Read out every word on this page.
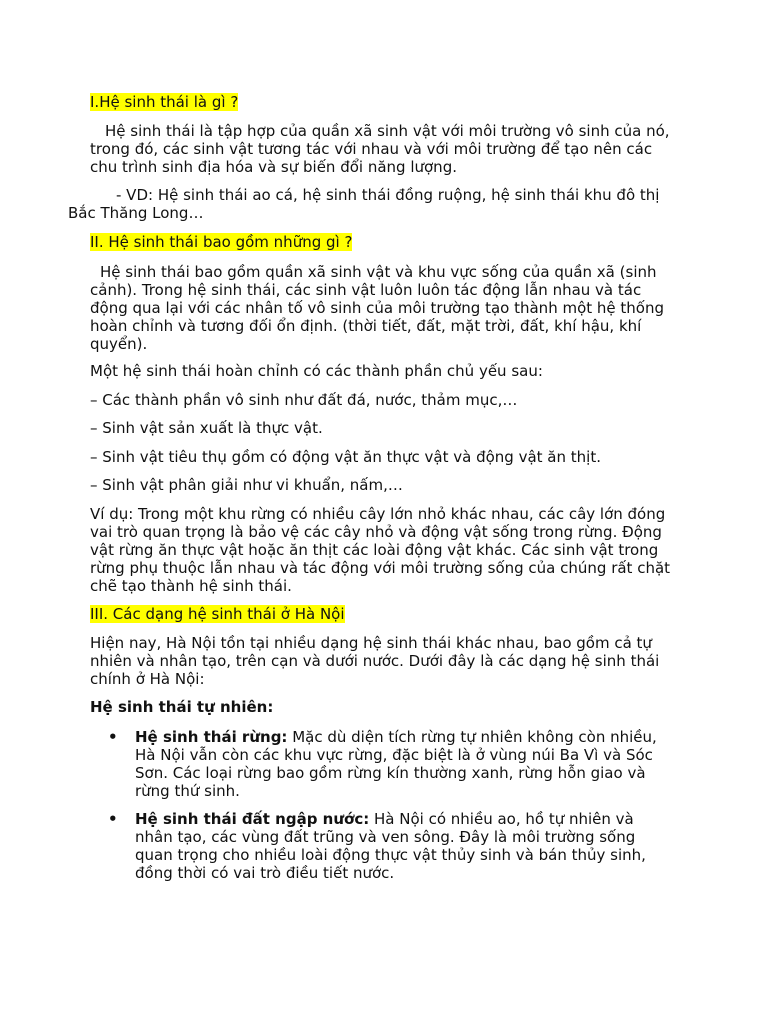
I.Hệ sinh thái là gì ?
Hệ sinh thái là tập hợp của quần xã sinh vật với môi trường vô sinh của nó,
trong đó, các sinh vật tương tác với nhau và với môi trường để tạo nên các
chu trình sinh địa hóa và sự biến đổi năng lượng.
- VD: Hệ sinh thái ao cá, hệ sinh thái đồng ruộng, hệ sinh thái khu đô thị
Bắc Thăng Long…
II. Hệ sinh thái bao gồm những gì ?
Hệ sinh thái bao gồm quần xã sinh vật và khu vực sống của quần xã (sinh
cảnh). Trong hệ sinh thái, các sinh vật luôn luôn tác động lẫn nhau và tác
động qua lại với các nhân tố vô sinh của môi trường tạo thành một hệ thống
hoàn chỉnh và tương đối ổn định. (thời tiết, đất, mặt trời, đất, khí hậu, khí
quyển).
Một hệ sinh thái hoàn chỉnh có các thành phần chủ yếu sau:
– Các thành phần vô sinh như đất đá, nước, thảm mục,…
– Sinh vật sản xuất là thực vật.
– Sinh vật tiêu thụ gồm có động vật ăn thực vật và động vật ăn thịt.
– Sinh vật phân giải như vi khuẩn, nấm,…
Ví dụ: Trong một khu rừng có nhiều cây lớn nhỏ khác nhau, các cây lớn đóng
vai trò quan trọng là bảo vệ các cây nhỏ và động vật sống trong rừng. Động
vật rừng ăn thực vật hoặc ăn thịt các loài động vật khác. Các sinh vật trong
rừng phụ thuộc lẫn nhau và tác động với môi trường sống của chúng rất chặt
chẽ tạo thành hệ sinh thái.
III. Các dạng hệ sinh thái ở Hà Nội
Hiện nay, Hà Nội tồn tại nhiều dạng hệ sinh thái khác nhau, bao gồm cả tự
nhiên và nhân tạo, trên cạn và dưới nước. Dưới đây là các dạng hệ sinh thái
chính ở Hà Nội:
Hệ sinh thái tự nhiên:
• Hệ sinh thái rừng: Mặc dù diện tích rừng tự nhiên không còn nhiều,
Hà Nội vẫn còn các khu vực rừng, đặc biệt là ở vùng núi Ba Vì và Sóc
Sơn. Các loại rừng bao gồm rừng kín thường xanh, rừng hỗn giao và
rừng thứ sinh.
• Hệ sinh thái đất ngập nước: Hà Nội có nhiều ao, hồ tự nhiên và
nhân tạo, các vùng đất trũng và ven sông. Đây là môi trường sống
quan trọng cho nhiều loài động thực vật thủy sinh và bán thủy sinh,
đồng thời có vai trò điều tiết nước.
